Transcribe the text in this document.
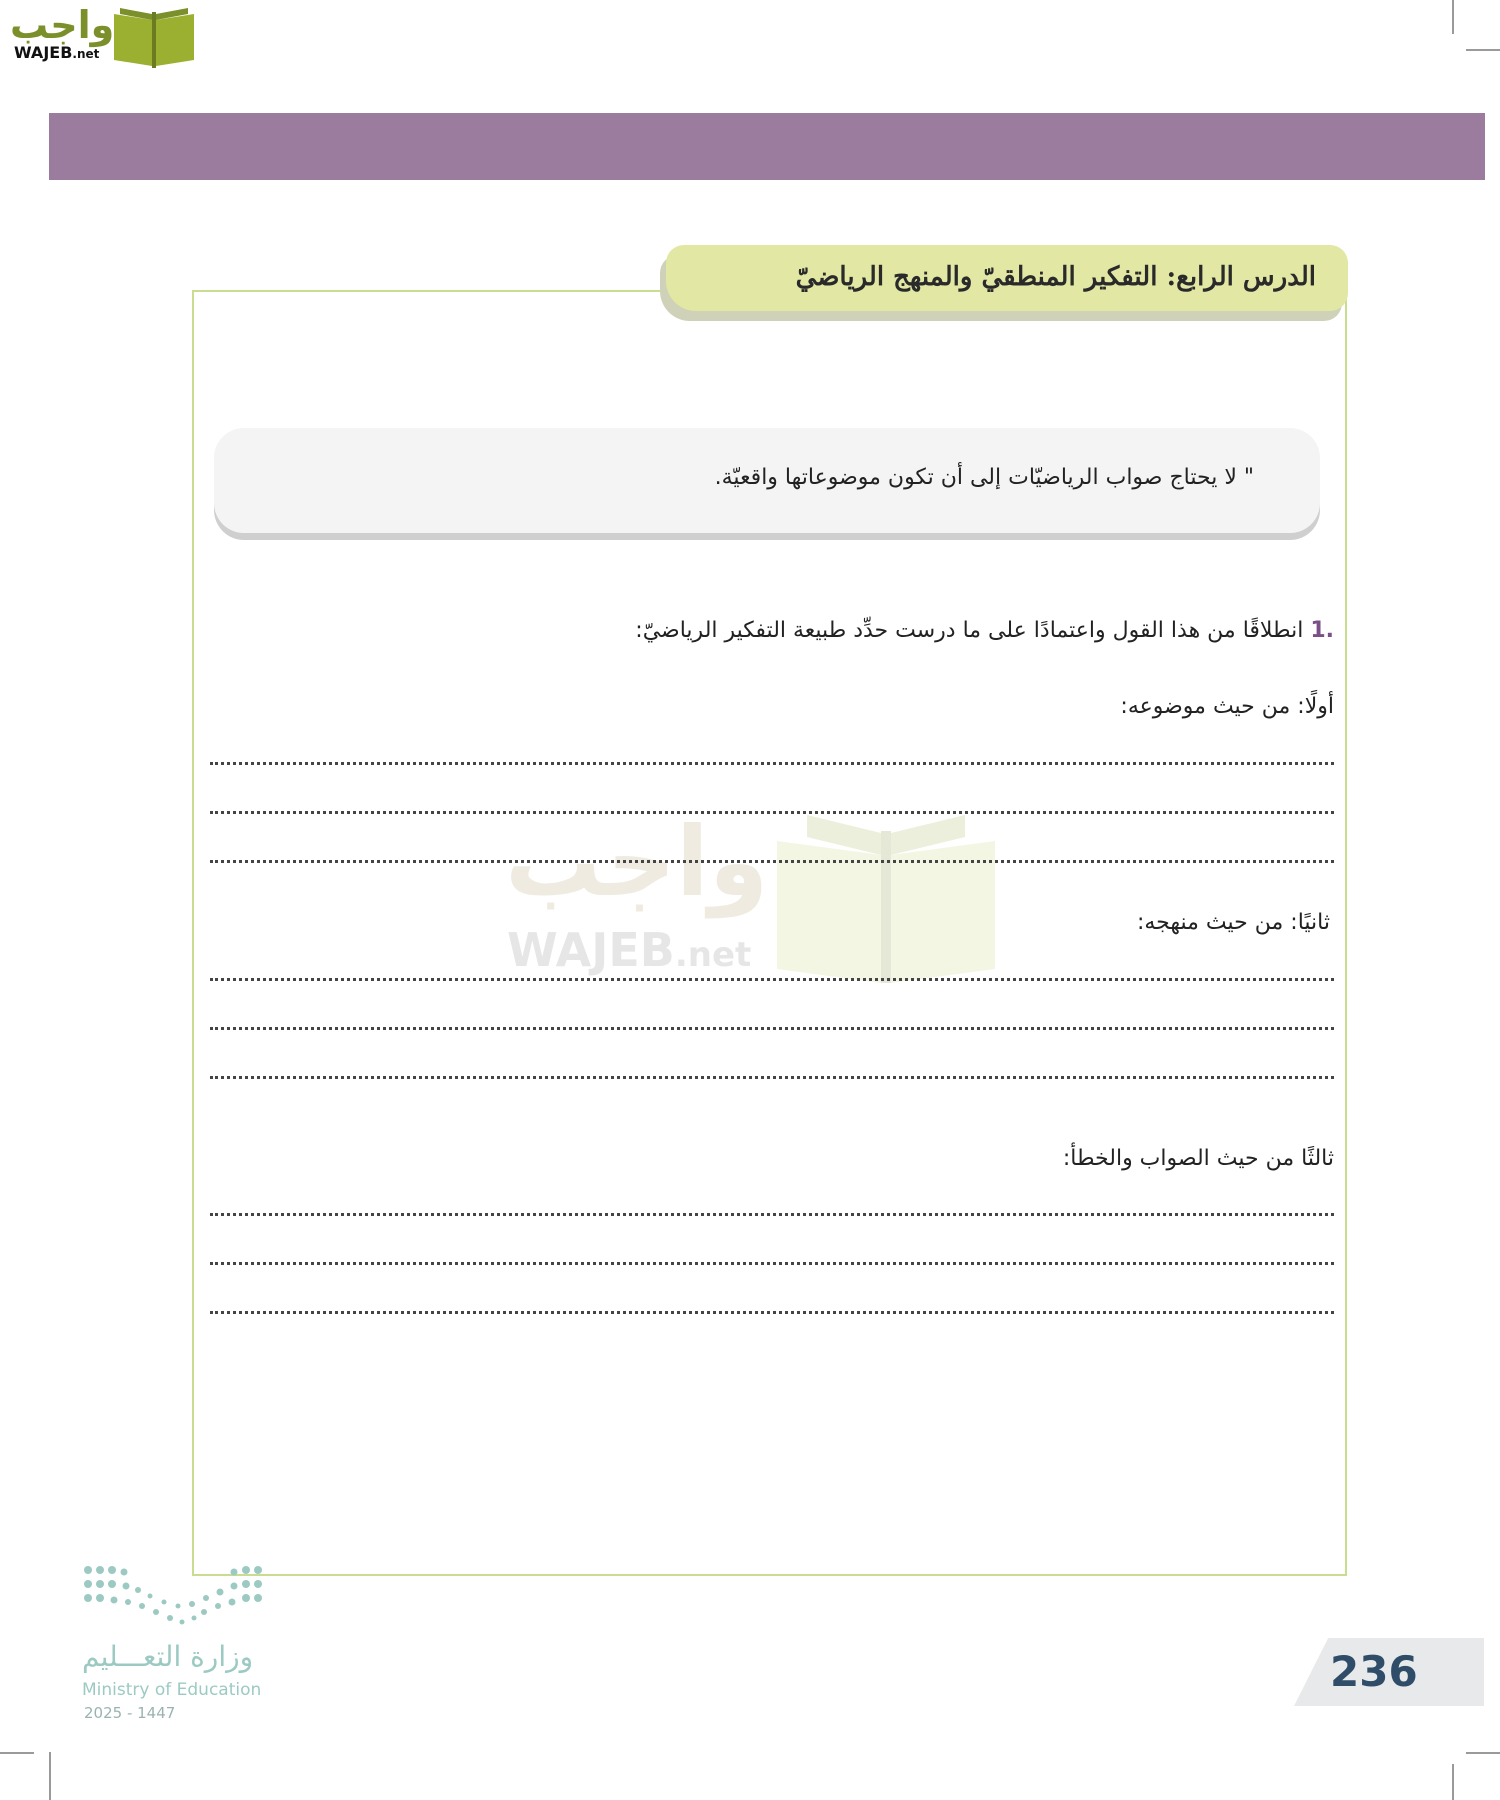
واجب
WAJEB.net
الدرس الرابع: التفكير المنطقيّ والمنهج الرياضيّ
" لا يحتاج صواب الرياضيّات إلى أن تكون موضوعاتها واقعيّة.
واجب
WAJEB.net
.1 انطلاقًا من هذا القول واعتمادًا على ما درست حدِّد طبيعة التفكير الرياضيّ:
أولًا: من حيث موضوعه:
ثانيًا: من حيث منهجه:
ثالثًا من حيث الصواب والخطأ:
وزارة التعـــليم
Ministry of Education
2025 - 1447
236
